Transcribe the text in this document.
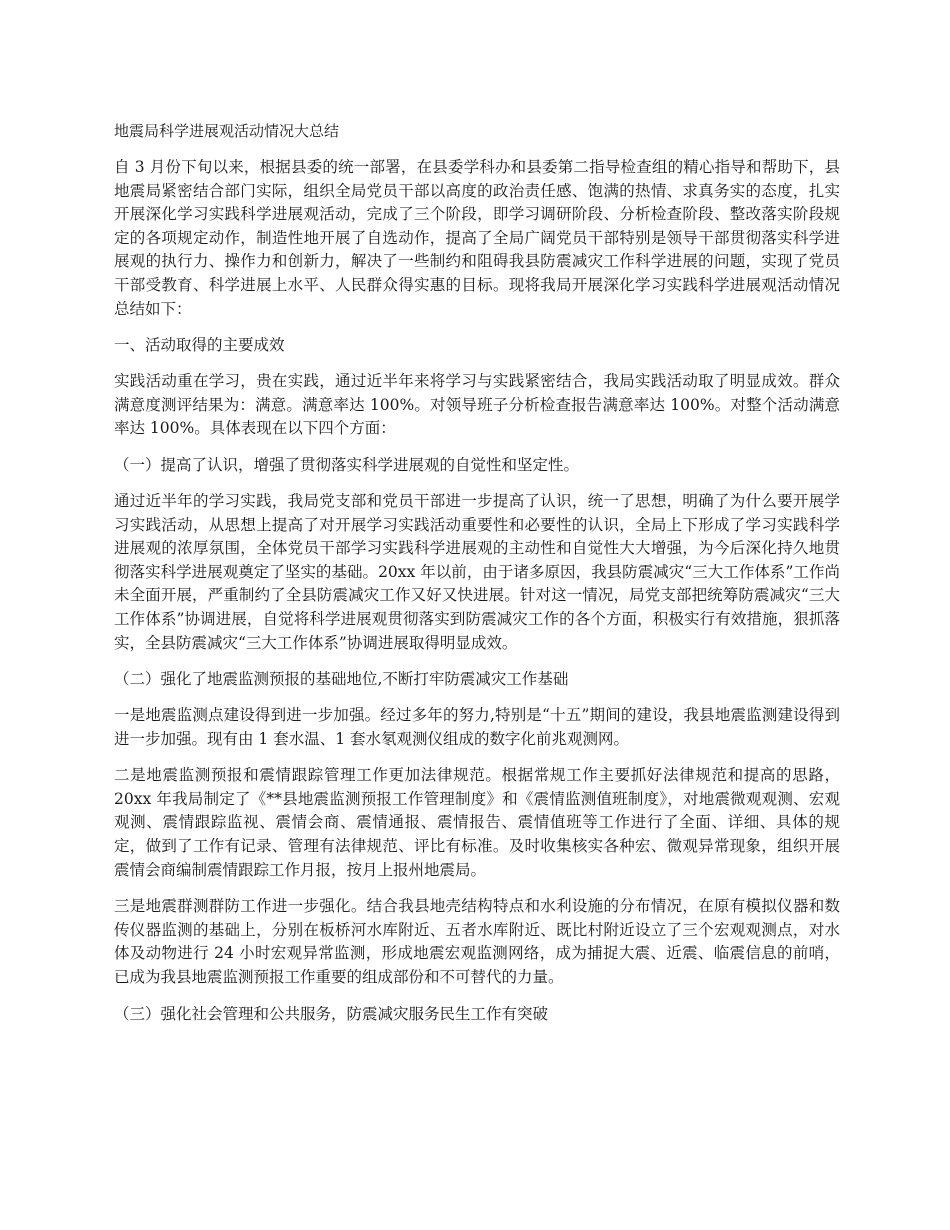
地震局科学进展观活动情况大总结
自 3 月份下旬以来，根据县委的统一部署，在县委学科办和县委第二指导检查组的精心指导和帮助下，县地震局紧密结合部门实际，组织全局党员干部以高度的政治责任感、饱满的热情、求真务实的态度，扎实开展深化学习实践科学进展观活动，完成了三个阶段，即学习调研阶段、分析检查阶段、整改落实阶段规定的各项规定动作，制造性地开展了自选动作，提高了全局广阔党员干部特别是领导干部贯彻落实科学进展观的执行力、操作力和创新力，解决了一些制约和阻碍我县防震减灾工作科学进展的问题，实现了党员干部受教育、科学进展上水平、人民群众得实惠的目标。现将我局开展深化学习实践科学进展观活动情况总结如下：
一、活动取得的主要成效
实践活动重在学习，贵在实践，通过近半年来将学习与实践紧密结合，我局实践活动取了明显成效。群众满意度测评结果为：满意。满意率达 100%。对领导班子分析检查报告满意率达 100%。对整个活动满意率达 100%。具体表现在以下四个方面：
（一）提高了认识，增强了贯彻落实科学进展观的自觉性和坚定性。
通过近半年的学习实践，我局党支部和党员干部进一步提高了认识，统一了思想，明确了为什么要开展学习实践活动，从思想上提高了对开展学习实践活动重要性和必要性的认识，全局上下形成了学习实践科学进展观的浓厚氛围，全体党员干部学习实践科学进展观的主动性和自觉性大大增强，为今后深化持久地贯彻落实科学进展观奠定了坚实的基础。20xx 年以前，由于诸多原因，我县防震减灾“三大工作体系”工作尚未全面开展，严重制约了全县防震减灾工作又好又快进展。针对这一情况，局党支部把统筹防震减灾“三大工作体系”协调进展，自觉将科学进展观贯彻落实到防震减灾工作的各个方面，积极实行有效措施，狠抓落实，全县防震减灾“三大工作体系”协调进展取得明显成效。
（二）强化了地震监测预报的基础地位,不断打牢防震减灾工作基础
一是地震监测点建设得到进一步加强。经过多年的努力,特别是“十五”期间的建设，我县地震监测建设得到进一步加强。现有由 1 套水温、1 套水氡观测仪组成的数字化前兆观测网。
二是地震监测预报和震情跟踪管理工作更加法律规范。根据常规工作主要抓好法律规范和提高的思路，20xx 年我局制定了《**县地震监测预报工作管理制度》和《震情监测值班制度》，对地震微观观测、宏观观测、震情跟踪监视、震情会商、震情通报、震情报告、震情值班等工作进行了全面、详细、具体的规定，做到了工作有记录、管理有法律规范、评比有标准。及时收集核实各种宏、微观异常现象，组织开展震情会商编制震情跟踪工作月报，按月上报州地震局。
三是地震群测群防工作进一步强化。结合我县地壳结构特点和水利设施的分布情况，在原有模拟仪器和数传仪器监测的基础上，分别在板桥河水库附近、五者水库附近、既比村附近设立了三个宏观观测点，对水体及动物进行 24 小时宏观异常监测，形成地震宏观监测网络，成为捕捉大震、近震、临震信息的前哨，已成为我县地震监测预报工作重要的组成部份和不可替代的力量。
（三）强化社会管理和公共服务，防震减灾服务民生工作有突破
